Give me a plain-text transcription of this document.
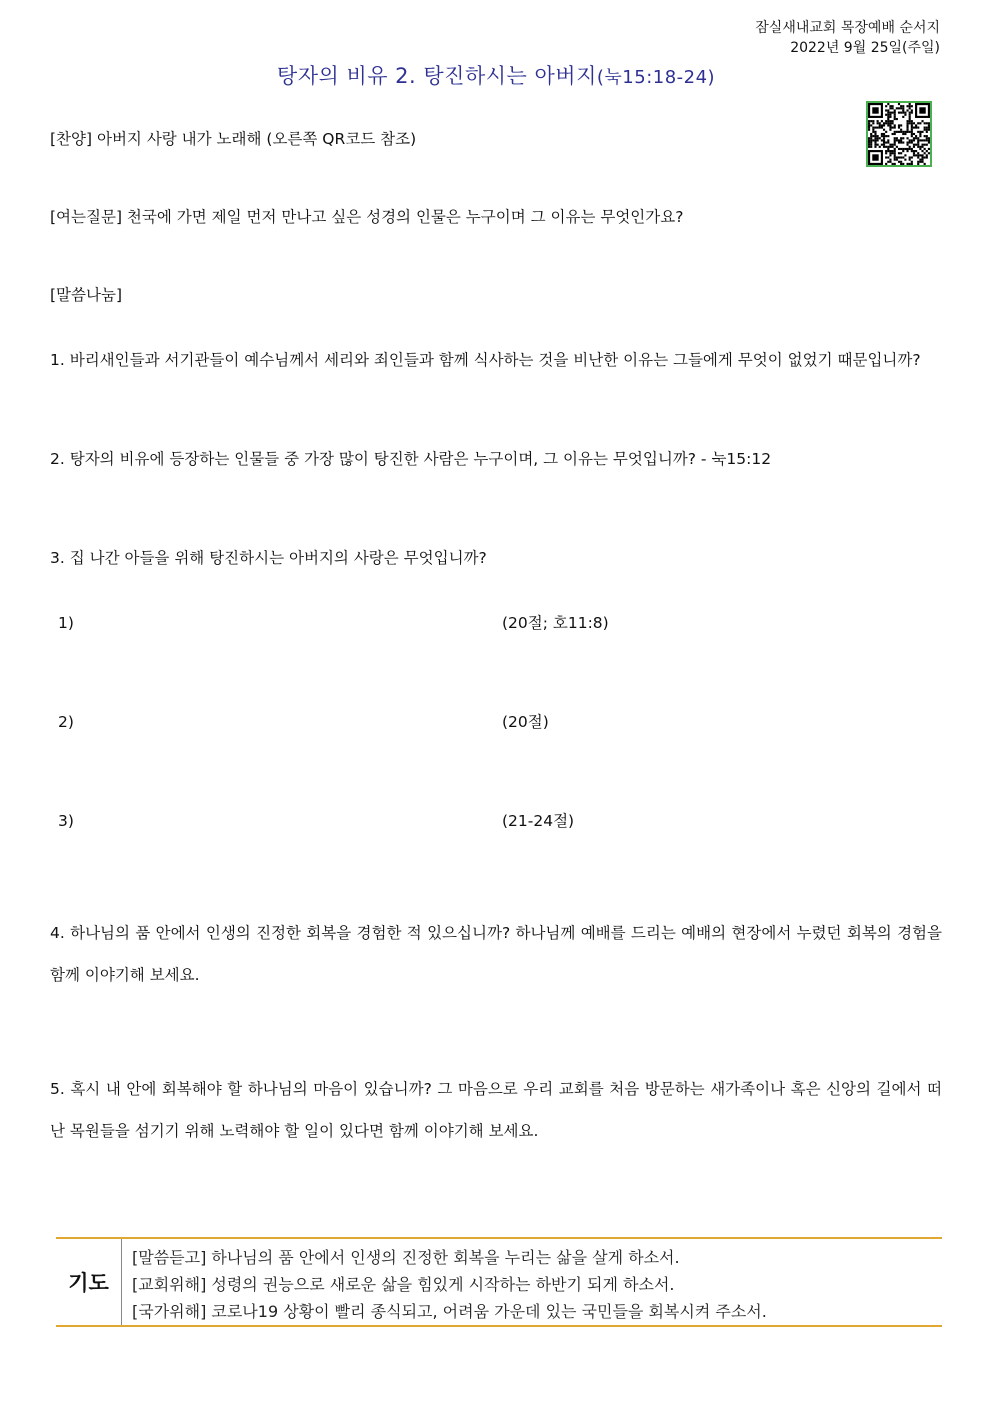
잠실새내교회 목장예배 순서지
2022년 9월 25일(주일)
탕자의 비유 2. 탕진하시는 아버지(눅15:18-24)
[찬양] 아버지 사랑 내가 노래해 (오른쪽 QR코드 참조)
[여는질문] 천국에 가면 제일 먼저 만나고 싶은 성경의 인물은 누구이며 그 이유는 무엇인가요?
[말씀나눔]
1. 바리새인들과 서기관들이 예수님께서 세리와 죄인들과 함께 식사하는 것을 비난한 이유는 그들에게 무엇이 없었기 때문입니까?
2. 탕자의 비유에 등장하는 인물들 중 가장 많이 탕진한 사람은 누구이며, 그 이유는 무엇입니까? - 눅15:12
3. 집 나간 아들을 위해 탕진하시는 아버지의 사랑은 무엇입니까?
1)	(20절; 호11:8)
2)	(20절)
3)	(21-24절)
4. 하나님의 품 안에서 인생의 진정한 회복을 경험한 적 있으십니까? 하나님께 예배를 드리는 예배의 현장에서 누렸던 회복의 경험을 함께 이야기해 보세요.
5. 혹시 내 안에 회복해야 할 하나님의 마음이 있습니까? 그 마음으로 우리 교회를 처음 방문하는 새가족이나 혹은 신앙의 길에서 떠난 목원들을 섬기기 위해 노력해야 할 일이 있다면 함께 이야기해 보세요.
기도
[말씀듣고] 하나님의 품 안에서 인생의 진정한 회복을 누리는 삶을 살게 하소서.
[교회위해] 성령의 권능으로 새로운 삶을 힘있게 시작하는 하반기 되게 하소서.
[국가위해] 코로나19 상황이 빨리 종식되고, 어려움 가운데 있는 국민들을 회복시켜 주소서.
